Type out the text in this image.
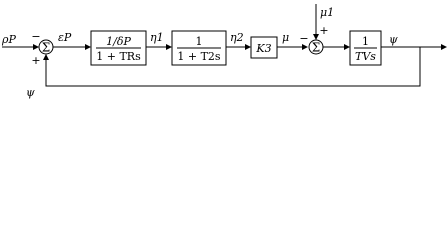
ρP
Σ
−
+
εP	1/δP
1 + TRs
η1	1
1 + T2s
η2
K3
μ
μ1
Σ
−
+
1
TVs
ψ
ψ
